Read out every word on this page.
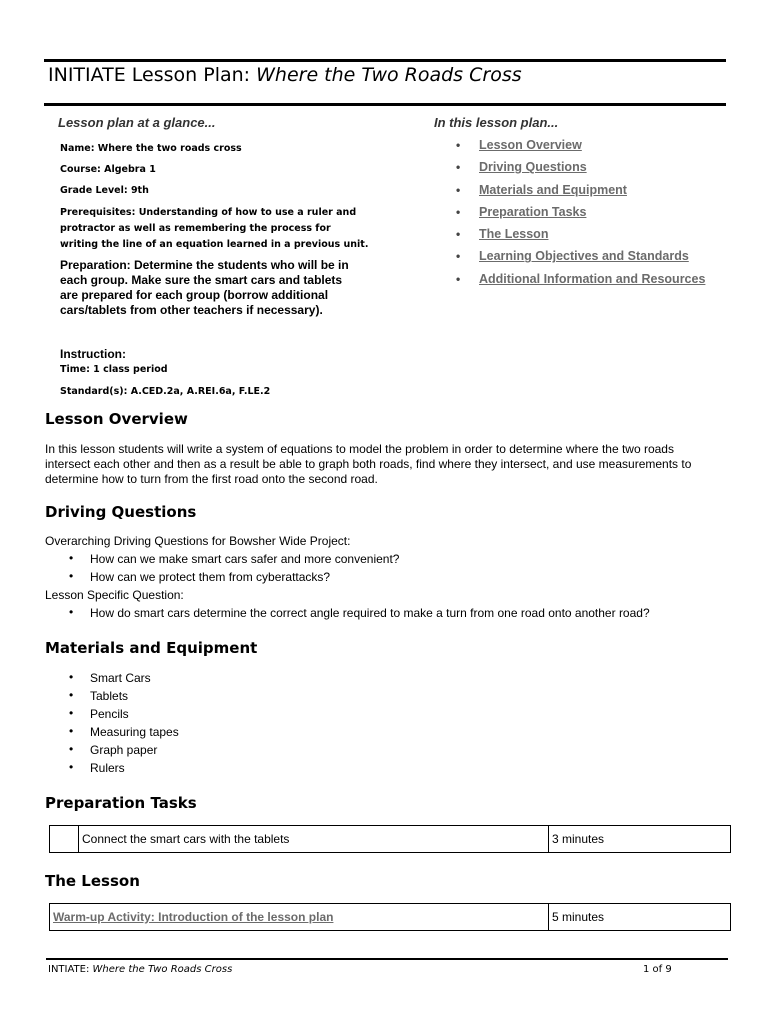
INITIATE Lesson Plan: Where the Two Roads Cross
Lesson plan at a glance...
Name: Where the two roads cross
Course: Algebra 1
Grade Level: 9th
Prerequisites: Understanding of how to use a ruler and
protractor as well as remembering the process for
writing the line of an equation learned in a previous unit.
Preparation: Determine the students who will be in each group. Make sure the smart cars and tablets are prepared for each group (borrow additional cars/tablets from other teachers if necessary).
Instruction:
Time: 1 class period
Standard(s): A.CED.2a, A.REI.6a, F.LE.2
In this lesson plan...
• Lesson Overview
• Driving Questions
• Materials and Equipment
• Preparation Tasks
• The Lesson
• Learning Objectives and Standards
• Additional Information and Resources
Lesson Overview
In this lesson students will write a system of equations to model the problem in order to determine where the two roads
intersect each other and then as a result be able to graph both roads, find where they intersect, and use measurements to
determine how to turn from the first road onto the second road.
Driving Questions
Overarching Driving Questions for Bowsher Wide Project:
• How can we make smart cars safer and more convenient?
• How can we protect them from cyberattacks?
Lesson Specific Question:
• How do smart cars determine the correct angle required to make a turn from one road onto another road?
Materials and Equipment
• Smart Cars
• Tablets
• Pencils
• Measuring tapes
• Graph paper
• Rulers
Preparation Tasks
	Connect the smart cars with the tablets	3 minutes
The Lesson
Warm-up Activity: Introduction of the lesson plan	5 minutes
INTIATE: Where the Two Roads Cross	1 of 9
